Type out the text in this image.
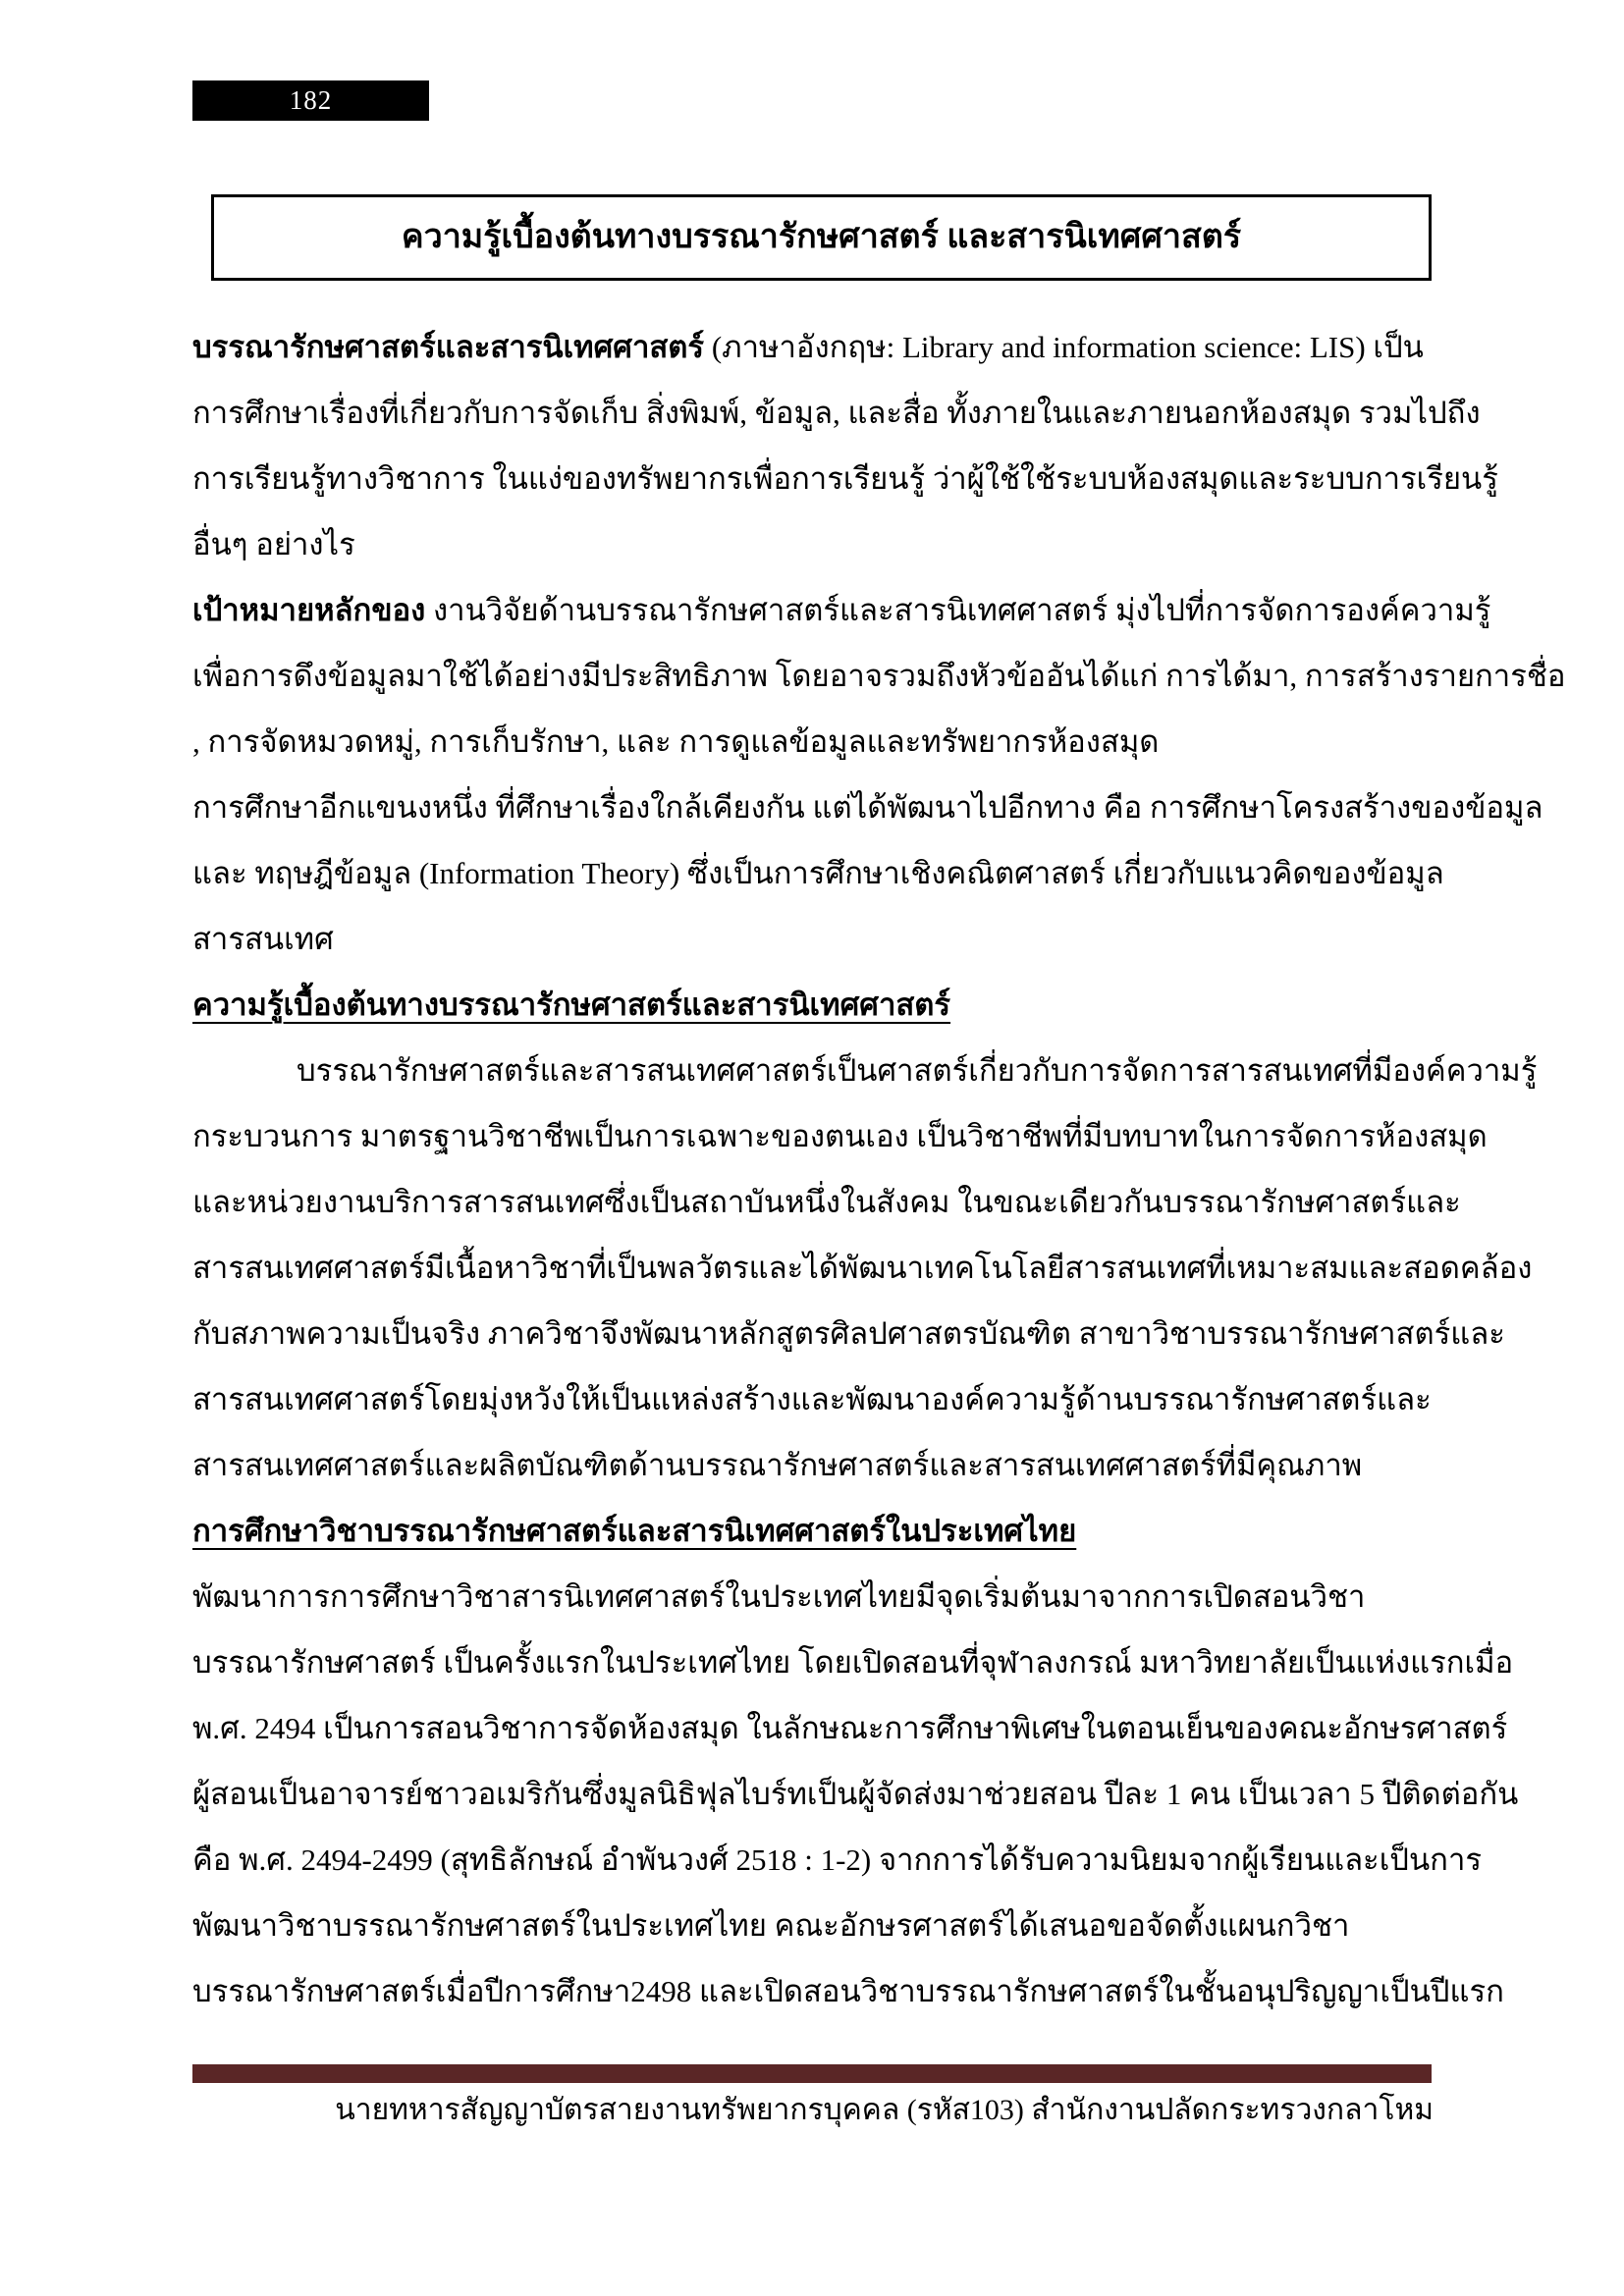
182
ความรู้เบื้องต้นทางบรรณารักษศาสตร์ และสารนิเทศศาสตร์
บรรณารักษศาสตร์และสารนิเทศศาสตร์ (ภาษาอังกฤษ: Library and information science: LIS) เป็น
การศึกษาเรื่องที่เกี่ยวกับการจัดเก็บ สิ่งพิมพ์, ข้อมูล, และสื่อ ทั้งภายในและภายนอกห้องสมุด รวมไปถึง
การเรียนรู้ทางวิชาการ ในแง่ของทรัพยากรเพื่อการเรียนรู้ ว่าผู้ใช้ใช้ระบบห้องสมุดและระบบการเรียนรู้
อื่นๆ อย่างไร
เป้าหมายหลักของ งานวิจัยด้านบรรณารักษศาสตร์และสารนิเทศศาสตร์ มุ่งไปที่การจัดการองค์ความรู้
เพื่อการดึงข้อมูลมาใช้ได้อย่างมีประสิทธิภาพ โดยอาจรวมถึงหัวข้ออันได้แก่ การได้มา, การสร้างรายการชื่อ
, การจัดหมวดหมู่, การเก็บรักษา, และ การดูแลข้อมูลและทรัพยากรห้องสมุด
การศึกษาอีกแขนงหนึ่ง ที่ศึกษาเรื่องใกล้เคียงกัน แต่ได้พัฒนาไปอีกทาง คือ การศึกษาโครงสร้างของข้อมูล
และ ทฤษฎีข้อมูล (Information Theory) ซึ่งเป็นการศึกษาเชิงคณิตศาสตร์ เกี่ยวกับแนวคิดของข้อมูล
สารสนเทศ
ความรู้เบื้องต้นทางบรรณารักษศาสตร์และสารนิเทศศาสตร์
บรรณารักษศาสตร์และสารสนเทศศาสตร์เป็นศาสตร์เกี่ยวกับการจัดการสารสนเทศที่มีองค์ความรู้
กระบวนการ มาตรฐานวิชาชีพเป็นการเฉพาะของตนเอง เป็นวิชาชีพที่มีบทบาทในการจัดการห้องสมุด
และหน่วยงานบริการสารสนเทศซึ่งเป็นสถาบันหนึ่งในสังคม ในขณะเดียวกันบรรณารักษศาสตร์และ
สารสนเทศศาสตร์มีเนื้อหาวิชาที่เป็นพลวัตรและได้พัฒนาเทคโนโลยีสารสนเทศที่เหมาะสมและสอดคล้อง
กับสภาพความเป็นจริง ภาควิชาจึงพัฒนาหลักสูตรศิลปศาสตรบัณฑิต สาขาวิชาบรรณารักษศาสตร์และ
สารสนเทศศาสตร์โดยมุ่งหวังให้เป็นแหล่งสร้างและพัฒนาองค์ความรู้ด้านบรรณารักษศาสตร์และ
สารสนเทศศาสตร์และผลิตบัณฑิตด้านบรรณารักษศาสตร์และสารสนเทศศาสตร์ที่มีคุณภาพ
การศึกษาวิชาบรรณารักษศาสตร์และสารนิเทศศาสตร์ในประเทศไทย
พัฒนาการการศึกษาวิชาสารนิเทศศาสตร์ในประเทศไทยมีจุดเริ่มต้นมาจากการเปิดสอนวิชา
บรรณารักษศาสตร์ เป็นครั้งแรกในประเทศไทย โดยเปิดสอนที่จุฬาลงกรณ์ มหาวิทยาลัยเป็นแห่งแรกเมื่อ
พ.ศ. 2494 เป็นการสอนวิชาการจัดห้องสมุด ในลักษณะการศึกษาพิเศษในตอนเย็นของคณะอักษรศาสตร์
ผู้สอนเป็นอาจารย์ชาวอเมริกันซึ่งมูลนิธิฟุลไบร์ทเป็นผู้จัดส่งมาช่วยสอน ปีละ 1 คน เป็นเวลา 5 ปีติดต่อกัน
คือ พ.ศ. 2494-2499 (สุทธิลักษณ์ อำพันวงศ์ 2518 : 1-2) จากการได้รับความนิยมจากผู้เรียนและเป็นการ
พัฒนาวิชาบรรณารักษศาสตร์ในประเทศไทย คณะอักษรศาสตร์ได้เสนอขอจัดตั้งแผนกวิชา
บรรณารักษศาสตร์เมื่อปีการศึกษา2498 และเปิดสอนวิชาบรรณารักษศาสตร์ในชั้นอนุปริญญาเป็นปีแรก
นายทหารสัญญาบัตรสายงานทรัพยากรบุคคล (รหัส103) สำนักงานปลัดกระทรวงกลาโหม
